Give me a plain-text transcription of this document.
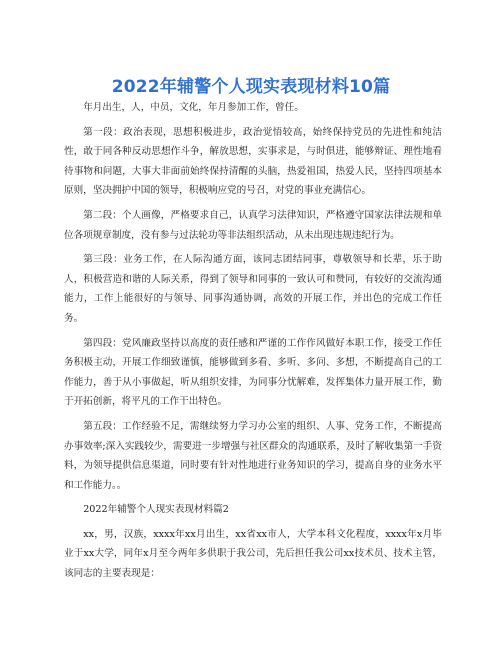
2022年辅警个人现实表现材料10篇

年月出生，人，中员，文化，年月参加工作，曾任。

第一段：政治表现，思想积极进步，政治觉悟较高，始终保持党员的先进性和纯洁性，敢于同各种反动思想作斗争，解放思想，实事求是，与时俱进，能够辩证、理性地看待事物和问题，大事大非面前始终保持清醒的头脑，热爱祖国，热爱人民，坚持四项基本原则，坚决拥护中国的领导，积极响应党的号召，对党的事业充满信心。

第二段：个人画像，严格要求自己，认真学习法律知识，严格遵守国家法律法规和单位各项规章制度，没有参与过法轮功等非法组织活动，从未出现违规违纪行为。

第三段：业务工作，在人际沟通方面，该同志团结同事，尊敬领导和长辈，乐于助人，积极营造和谐的人际关系，得到了领导和同事的一致认可和赞同，有较好的交流沟通能力，工作上能很好的与领导、同事沟通协调，高效的开展工作，并出色的完成工作任务。

第四段：党风廉政坚持以高度的责任感和严谨的工作作风做好本职工作，接受工作任务积极主动，开展工作细致谨慎，能够做到多看、多听、多问、多想，不断提高自己的工作能力，善于从小事做起，听从组织安排，为同事分忧解难，发挥集体力量开展工作，勤于开拓创新，将平凡的工作干出特色。

第五段：工作经验不足，需继续努力学习办公室的组织、人事、党务工作，不断提高办事效率;深入实践较少，需要进一步增强与社区群众的沟通联系，及时了解收集第一手资料，为领导提供信息渠道，同时要有针对性地进行业务知识的学习，提高自身的业务水平和工作能力。。

2022年辅警个人现实表现材料篇2

xx，男，汉族，xxxx年xx月出生，xx省xx市人，大学本科文化程度，xxxx年x月毕业于xx大学，同年x月至今两年多供职于我公司，先后担任我公司xx技术员、技术主管，该同志的主要表现是：
